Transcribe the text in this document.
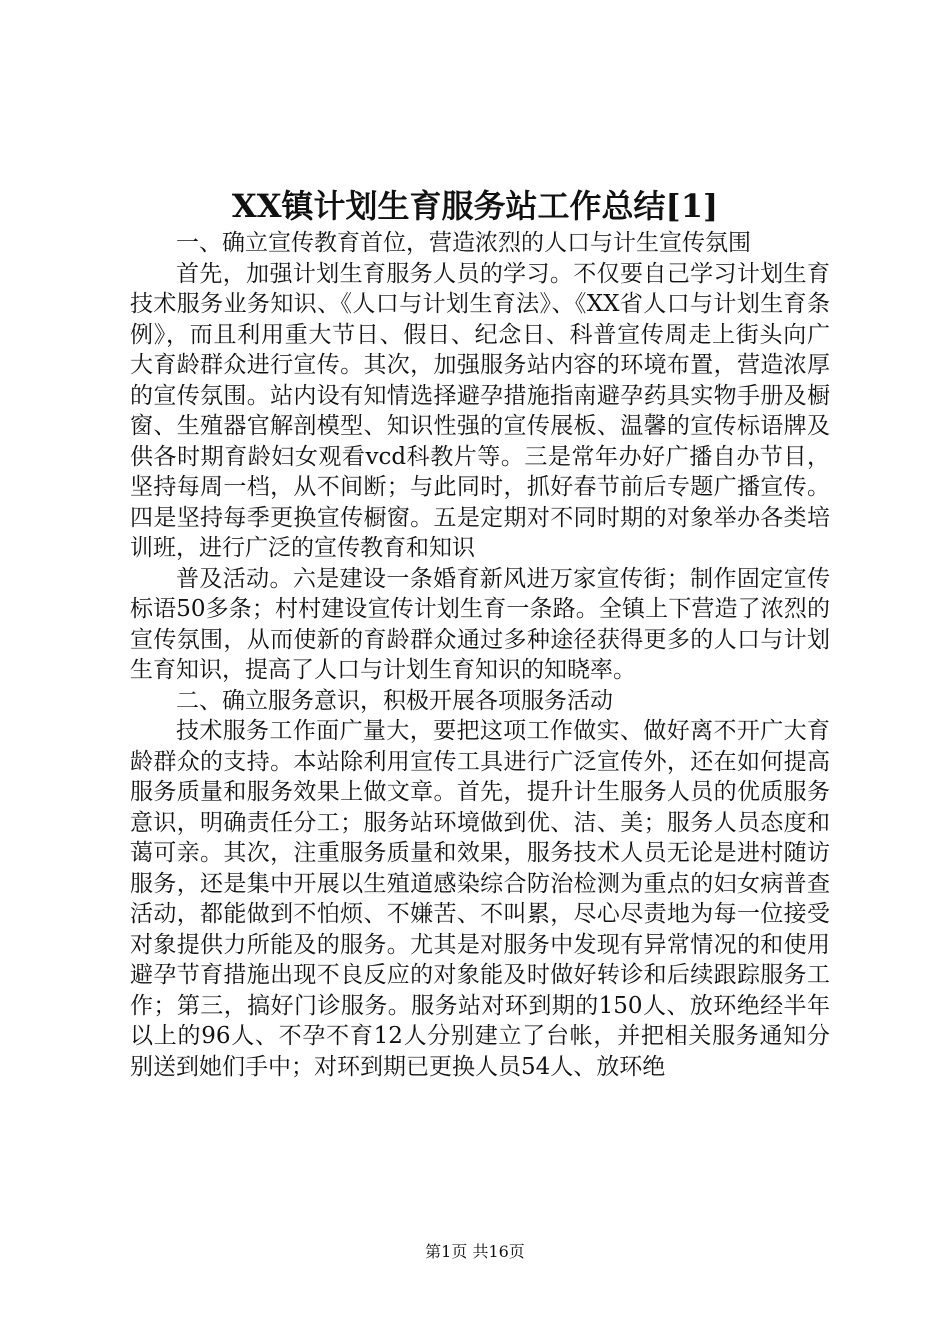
XX镇计划生育服务站工作总结[1]

一、确立宣传教育首位，营造浓烈的人口与计生宣传氛围

首先，加强计划生育服务人员的学习。不仅要自己学习计划生育技术服务业务知识、《人口与计划生育法》、《XX省人口与计划生育条例》，而且利用重大节日、假日、纪念日、科普宣传周走上街头向广大育龄群众进行宣传。其次，加强服务站内容的环境布置，营造浓厚的宣传氛围。站内设有知情选择避孕措施指南避孕药具实物手册及橱窗、生殖器官解剖模型、知识性强的宣传展板、温馨的宣传标语牌及供各时期育龄妇女观看vcd科教片等。三是常年办好广播自办节目，坚持每周一档，从不间断；与此同时，抓好春节前后专题广播宣传。四是坚持每季更换宣传橱窗。五是定期对不同时期的对象举办各类培训班，进行广泛的宣传教育和知识

普及活动。六是建设一条婚育新风进万家宣传街；制作固定宣传标语50多条；村村建设宣传计划生育一条路。全镇上下营造了浓烈的宣传氛围，从而使新的育龄群众通过多种途径获得更多的人口与计划生育知识，提高了人口与计划生育知识的知晓率。

二、确立服务意识，积极开展各项服务活动

技术服务工作面广量大，要把这项工作做实、做好离不开广大育龄群众的支持。本站除利用宣传工具进行广泛宣传外，还在如何提高服务质量和服务效果上做文章。首先，提升计生服务人员的优质服务意识，明确责任分工；服务站环境做到优、洁、美；服务人员态度和蔼可亲。其次，注重服务质量和效果，服务技术人员无论是进村随访服务，还是集中开展以生殖道感染综合防治检测为重点的妇女病普查活动，都能做到不怕烦、不嫌苦、不叫累，尽心尽责地为每一位接受对象提供力所能及的服务。尤其是对服务中发现有异常情况的和使用避孕节育措施出现不良反应的对象能及时做好转诊和后续跟踪服务工作；第三，搞好门诊服务。服务站对环到期的150人、放环绝经半年以上的96人、不孕不育12人分别建立了台帐，并把相关服务通知分别送到她们手中；对环到期已更换人员54人、放环绝

第1页 共16页
